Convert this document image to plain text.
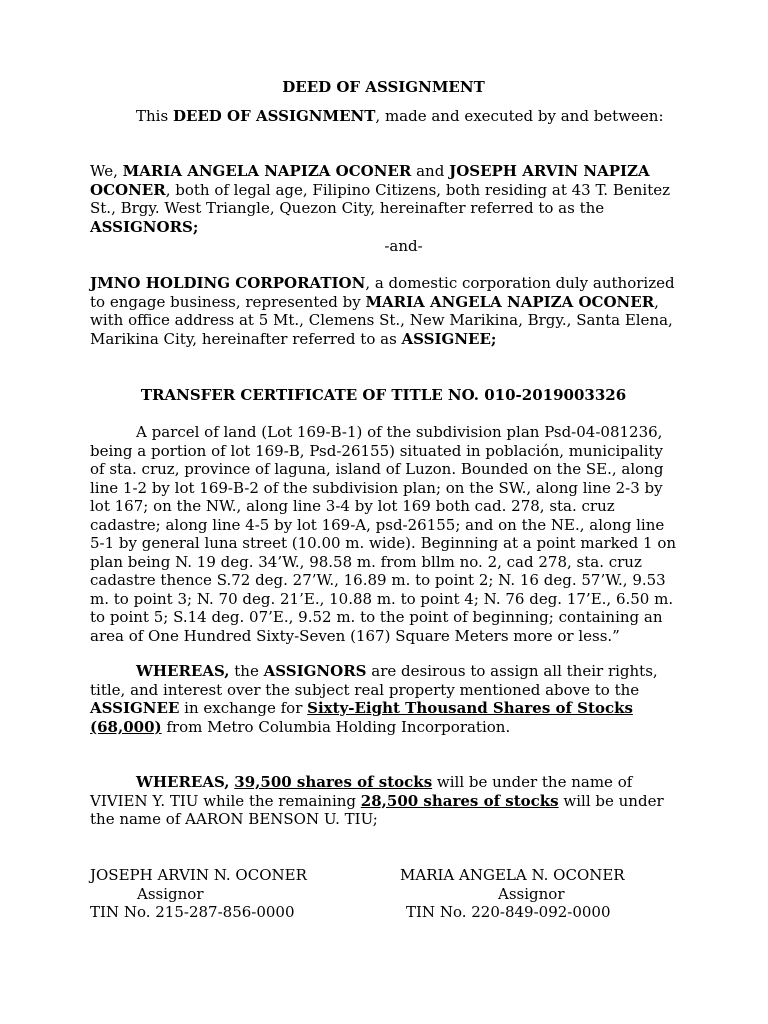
DEED OF ASSIGNMENT

This DEED OF ASSIGNMENT, made and executed by and between:

We, MARIA ANGELA NAPIZA OCONER and JOSEPH ARVIN NAPIZA OCONER, both of legal age, Filipino Citizens, both residing at 43 T. Benitez St., Brgy. West Triangle, Quezon City, hereinafter referred to as the ASSIGNORS;

-and-

JMNO HOLDING CORPORATION, a domestic corporation duly authorized to engage business, represented by MARIA ANGELA NAPIZA OCONER, with office address at 5 Mt., Clemens St., New Marikina, Brgy., Santa Elena, Marikina City, hereinafter referred to as ASSIGNEE;

TRANSFER CERTIFICATE OF TITLE NO. 010-2019003326

A parcel of land (Lot 169-B-1) of the subdivision plan Psd-04-081236, being a portion of lot 169-B, Psd-26155) situated in población, municipality of sta. cruz, province of laguna, island of Luzon. Bounded on the SE., along line 1-2 by lot 169-B-2 of the subdivision plan; on the SW., along line 2-3 by lot 167; on the NW., along line 3-4 by lot 169 both cad. 278, sta. cruz cadastre; along line 4-5 by lot 169-A, psd-26155; and on the NE., along line 5-1 by general luna street (10.00 m. wide). Beginning at a point marked 1 on plan being N. 19 deg. 34’W., 98.58 m. from bllm no. 2, cad 278, sta. cruz cadastre thence S.72 deg. 27’W., 16.89 m. to point 2; N. 16 deg. 57’W., 9.53 m. to point 3; N. 70 deg. 21’E., 10.88 m. to point 4; N. 76 deg. 17’E., 6.50 m. to point 5; S.14 deg. 07’E., 9.52 m. to the point of beginning; containing an area of One Hundred Sixty-Seven (167) Square Meters more or less.”

WHEREAS, the ASSIGNORS are desirous to assign all their rights, title, and interest over the subject real property mentioned above to the ASSIGNEE in exchange for Sixty-Eight Thousand Shares of Stocks (68,000) from Metro Columbia Holding Incorporation.

WHEREAS, 39,500 shares of stocks will be under the name of VIVIEN Y. TIU while the remaining 28,500 shares of stocks will be under the name of AARON BENSON U. TIU;

JOSEPH ARVIN N. OCONER
Assignor
TIN No. 215-287-856-0000
MARIA ANGELA N. OCONER
Assignor
TIN No. 220-849-092-0000
